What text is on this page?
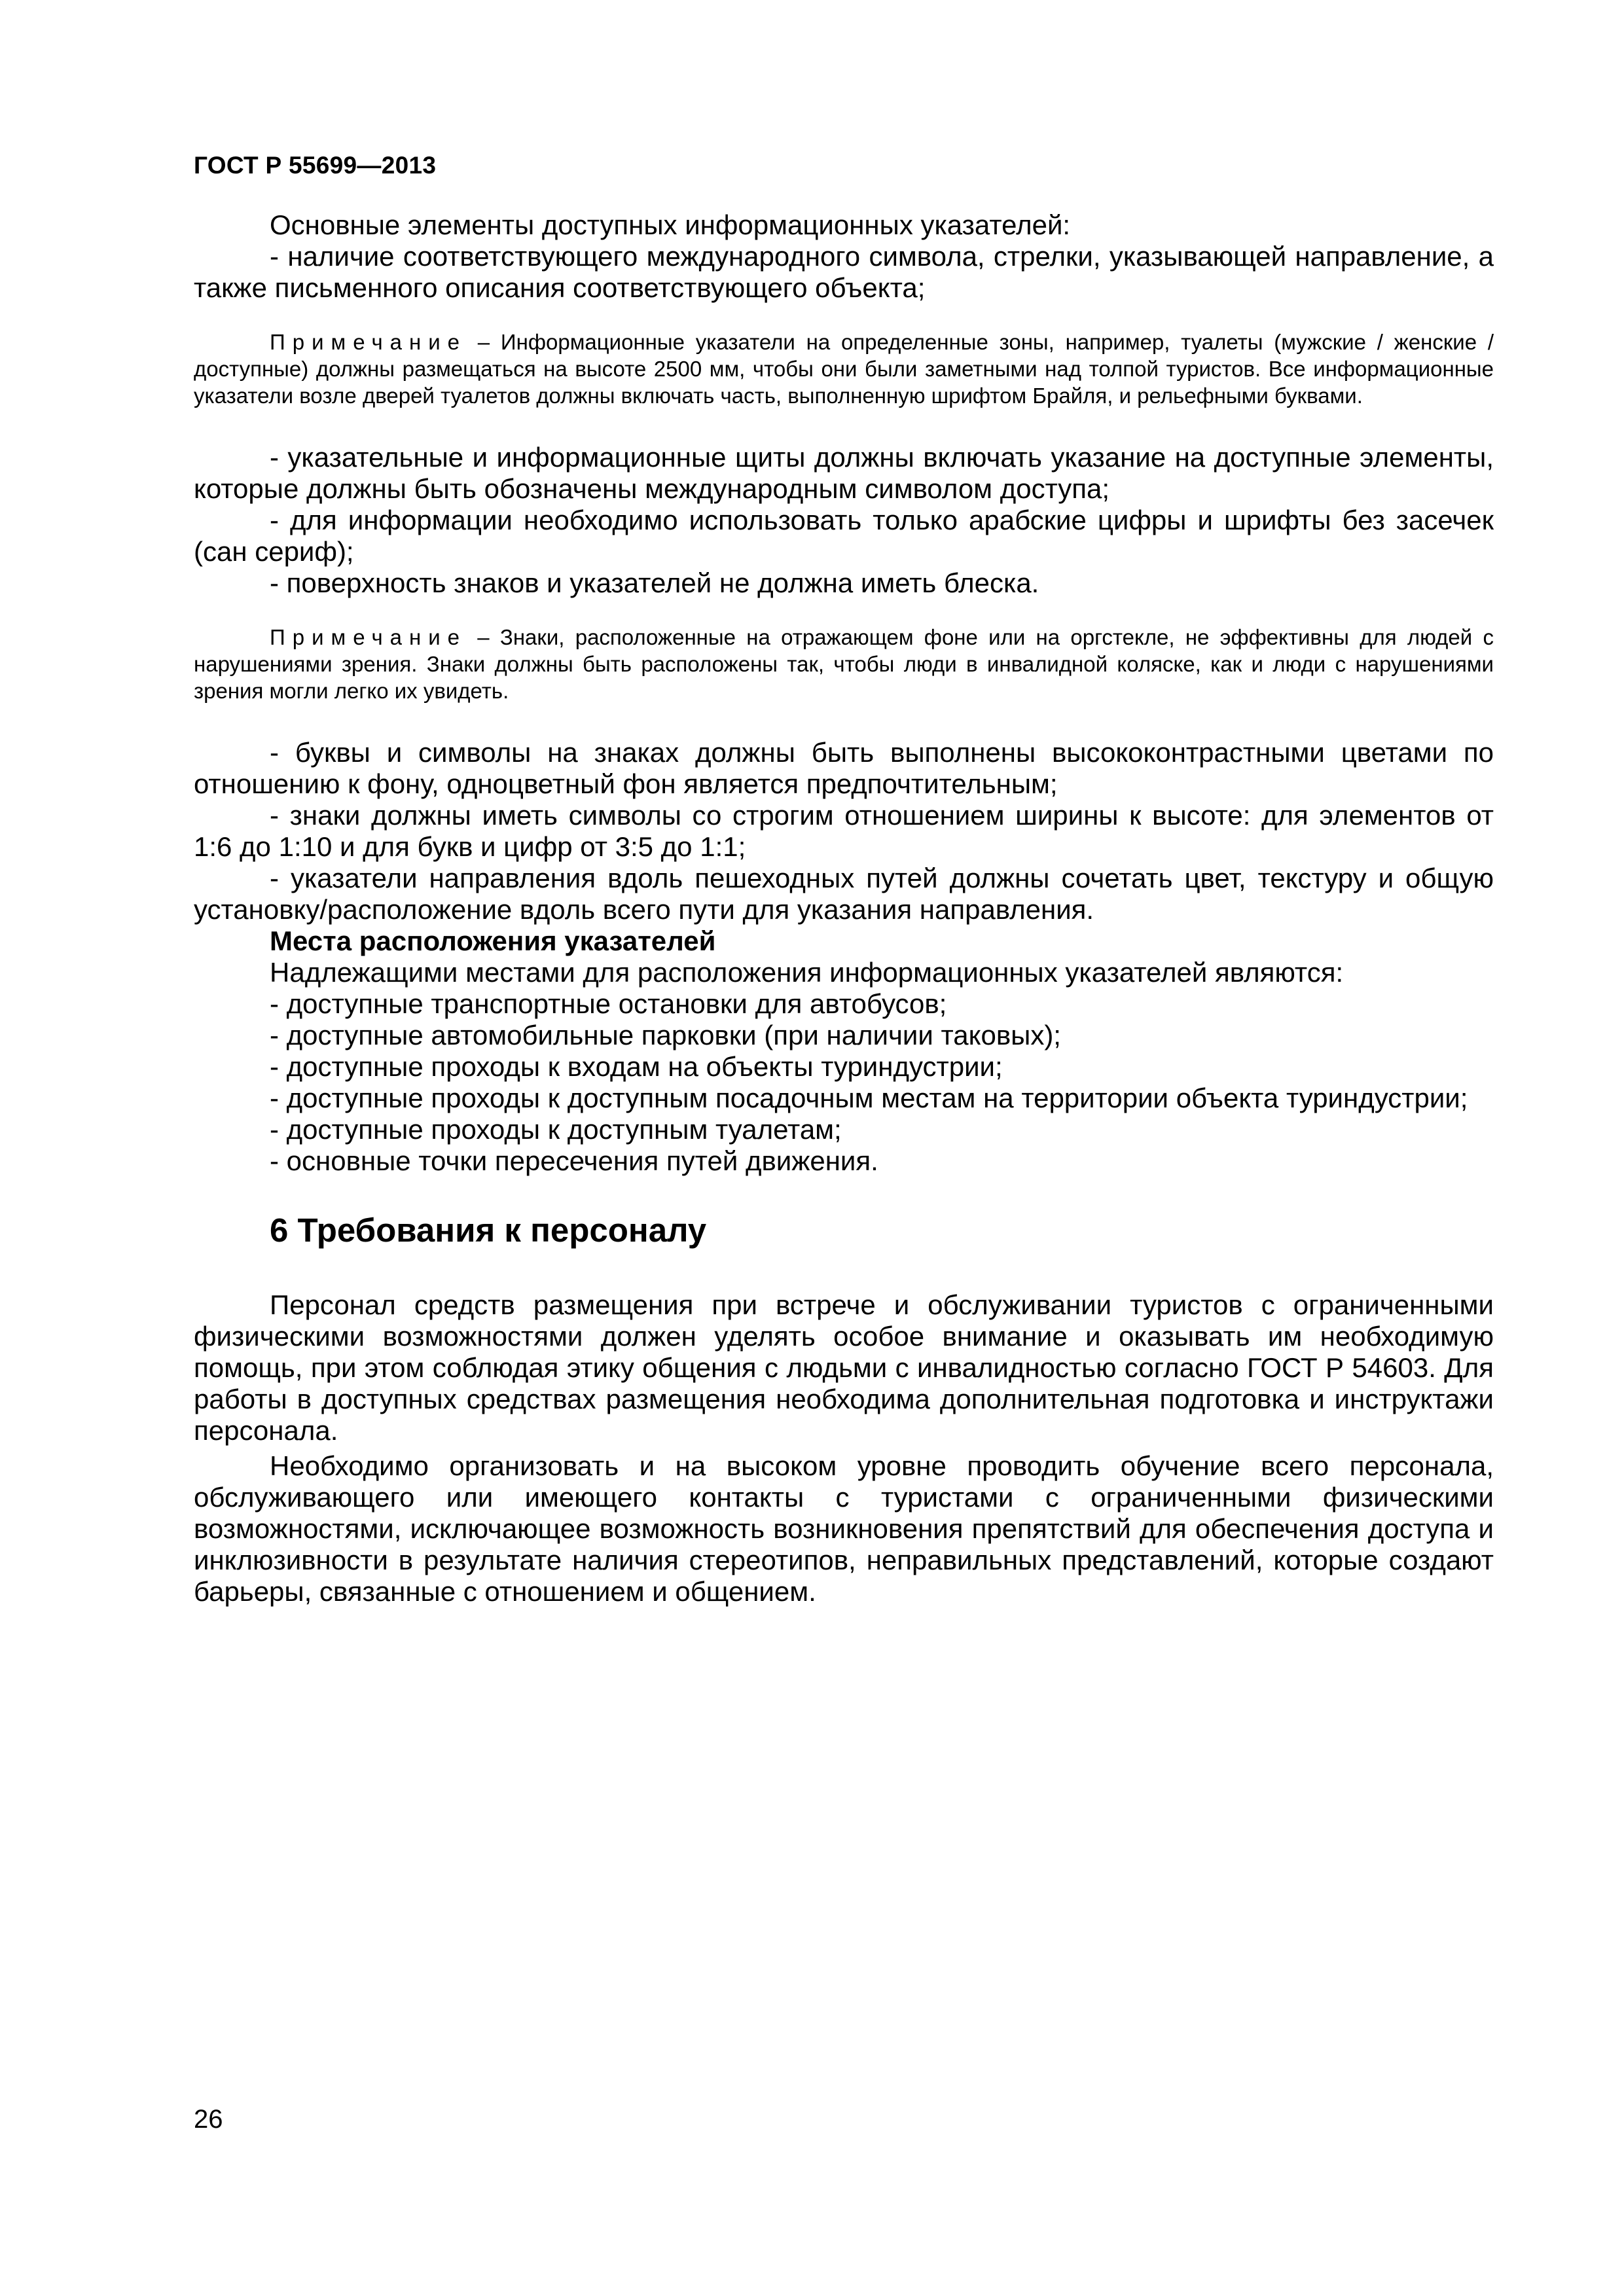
ГОСТ Р 55699—2013

Основные элементы доступных информационных указателей:

- наличие соответствующего международного символа, стрелки, указывающей направление, а также письменного описания соответствующего объекта;

Примечание – Информационные указатели на определенные зоны, например, туалеты (мужские / женские / доступные) должны размещаться на высоте 2500 мм, чтобы они были заметными над толпой туристов. Все информационные указатели возле дверей туалетов должны включать часть, выполненную шрифтом Брайля, и рельефными буквами.

- указательные и информационные щиты должны включать указание на доступные элементы, которые должны быть обозначены международным символом доступа;

- для информации необходимо использовать только арабские цифры и шрифты без засечек (сан сериф);

- поверхность знаков и указателей не должна иметь блеска.

Примечание – Знаки, расположенные на отражающем фоне или на оргстекле, не эффективны для людей с нарушениями зрения. Знаки должны быть расположены так, чтобы люди в инвалидной коляске, как и люди с нарушениями зрения могли легко их увидеть.

- буквы и символы на знаках должны быть выполнены высококонтрастными цветами по отношению к фону, одноцветный фон является предпочтительным;

- знаки должны иметь символы со строгим отношением ширины к высоте: для элементов от 1:6 до 1:10 и для букв и цифр от 3:5 до 1:1;

- указатели направления вдоль пешеходных путей должны сочетать цвет, текстуру и общую установку/расположение вдоль всего пути для указания направления.

Места расположения указателей

Надлежащими местами для расположения информационных указателей являются:

- доступные транспортные остановки для автобусов;

- доступные автомобильные парковки (при наличии таковых);

- доступные проходы к входам на объекты туриндустрии;

- доступные проходы к доступным посадочным местам на территории объекта туриндустрии;

- доступные проходы к доступным туалетам;

- основные точки пересечения путей движения.

6 Требования к персоналу

Персонал средств размещения при встрече и обслуживании туристов с ограниченными физическими возможностями должен уделять особое внимание и оказывать им необходимую помощь, при этом соблюдая этику общения с людьми с инвалидностью согласно ГОСТ Р 54603. Для работы в доступных средствах размещения необходима дополнительная подготовка и инструктажи персонала.

Необходимо организовать и на высоком уровне проводить обучение всего персонала, обслуживающего или имеющего контакты с туристами с ограниченными физическими возможностями, исключающее возможность возникновения препятствий для обеспечения доступа и инклюзивности в результате наличия стереотипов, неправильных представлений, которые создают барьеры, связанные с отношением и общением.

26
